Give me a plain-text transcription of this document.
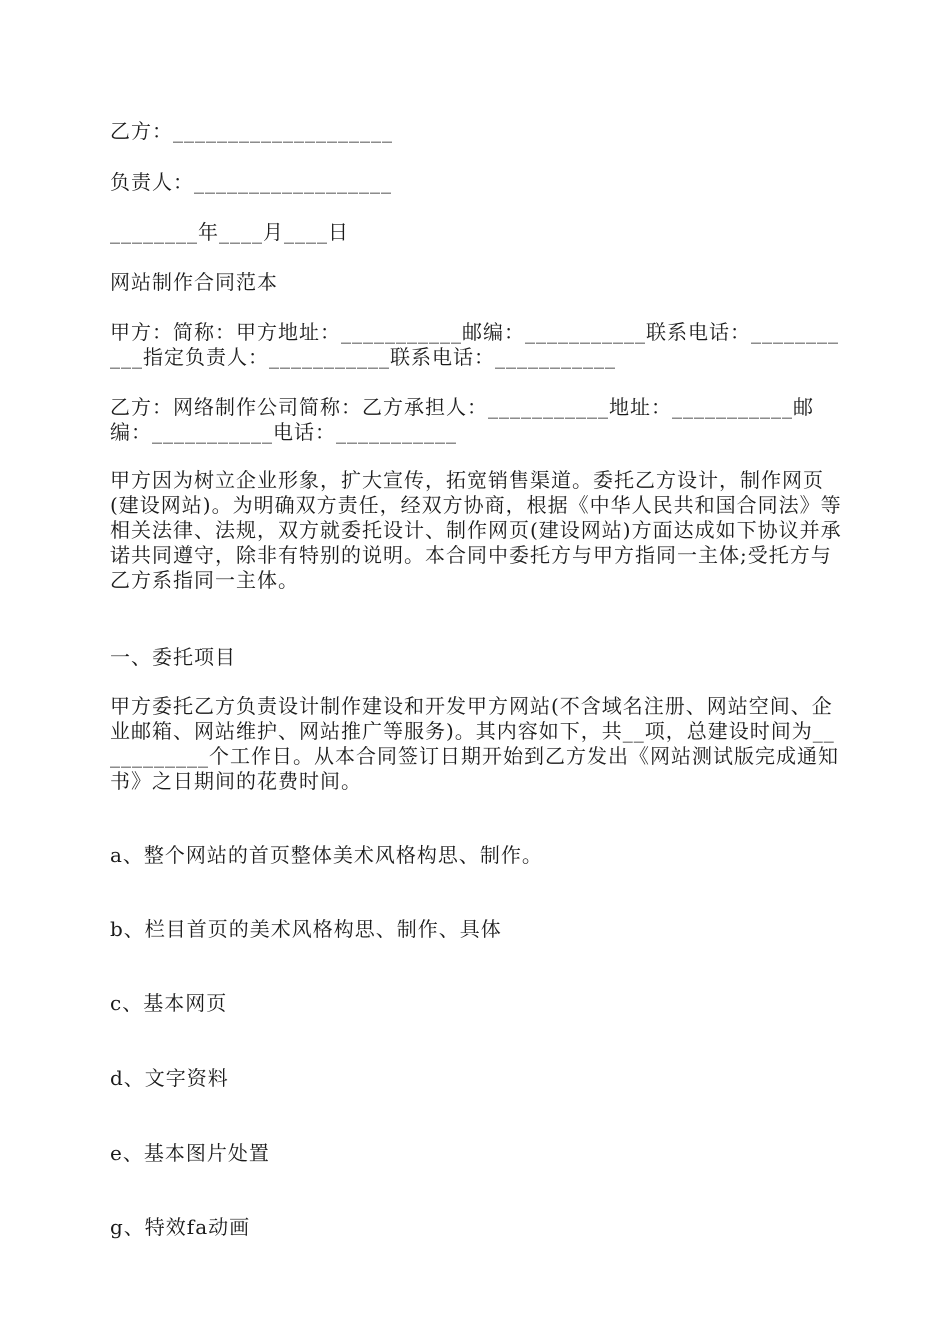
乙方：____________________
负责人：__________________
________年____月____日
网站制作合同范本
甲方：简称：甲方地址：___________邮编：___________联系电话：___________指定负责人：___________联系电话：___________
乙方：网络制作公司简称：乙方承担人：___________地址：___________邮编：___________电话：___________
甲方因为树立企业形象，扩大宣传，拓宽销售渠道。委托乙方设计，制作网页(建设网站)。为明确双方责任，经双方协商，根据《中华人民共和国合同法》等相关法律、法规，双方就委托设计、制作网页(建设网站)方面达成如下协议并承诺共同遵守，除非有特别的说明。本合同中委托方与甲方指同一主体;受托方与乙方系指同一主体。
一、委托项目
甲方委托乙方负责设计制作建设和开发甲方网站(不含域名注册、网站空间、企业邮箱、网站维护、网站推广等服务)。其内容如下，共__项，总建设时间为___________个工作日。从本合同签订日期开始到乙方发出《网站测试版完成通知书》之日期间的花费时间。
a、整个网站的首页整体美术风格构思、制作。
b、栏目首页的美术风格构思、制作、具体
c、基本网页
d、文字资料
e、基本图片处置
g、特效fa动画
